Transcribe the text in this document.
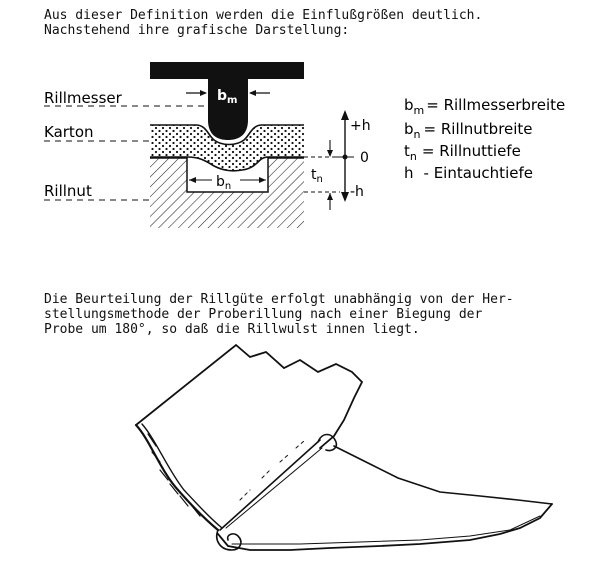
Aus dieser Definition werden die Einflußgrößen deutlich.
Nachstehend ihre grafische Darstellung:
$b_m$
$b_n$
Rillmesser
Karton
Rillnut
$t_n$
+h
0
-h
$b_m$ = Rillmesserbreite
$b_n$ = Rillnutbreite
$t_n$ = Rillnuttiefe
h - Eintauchtiefe
Die Beurteilung der Rillgüte erfolgt unabhängig von der Her-
stellungsmethode der Proberillung nach einer Biegung der
Probe um 180°, so daß die Rillwulst innen liegt.
